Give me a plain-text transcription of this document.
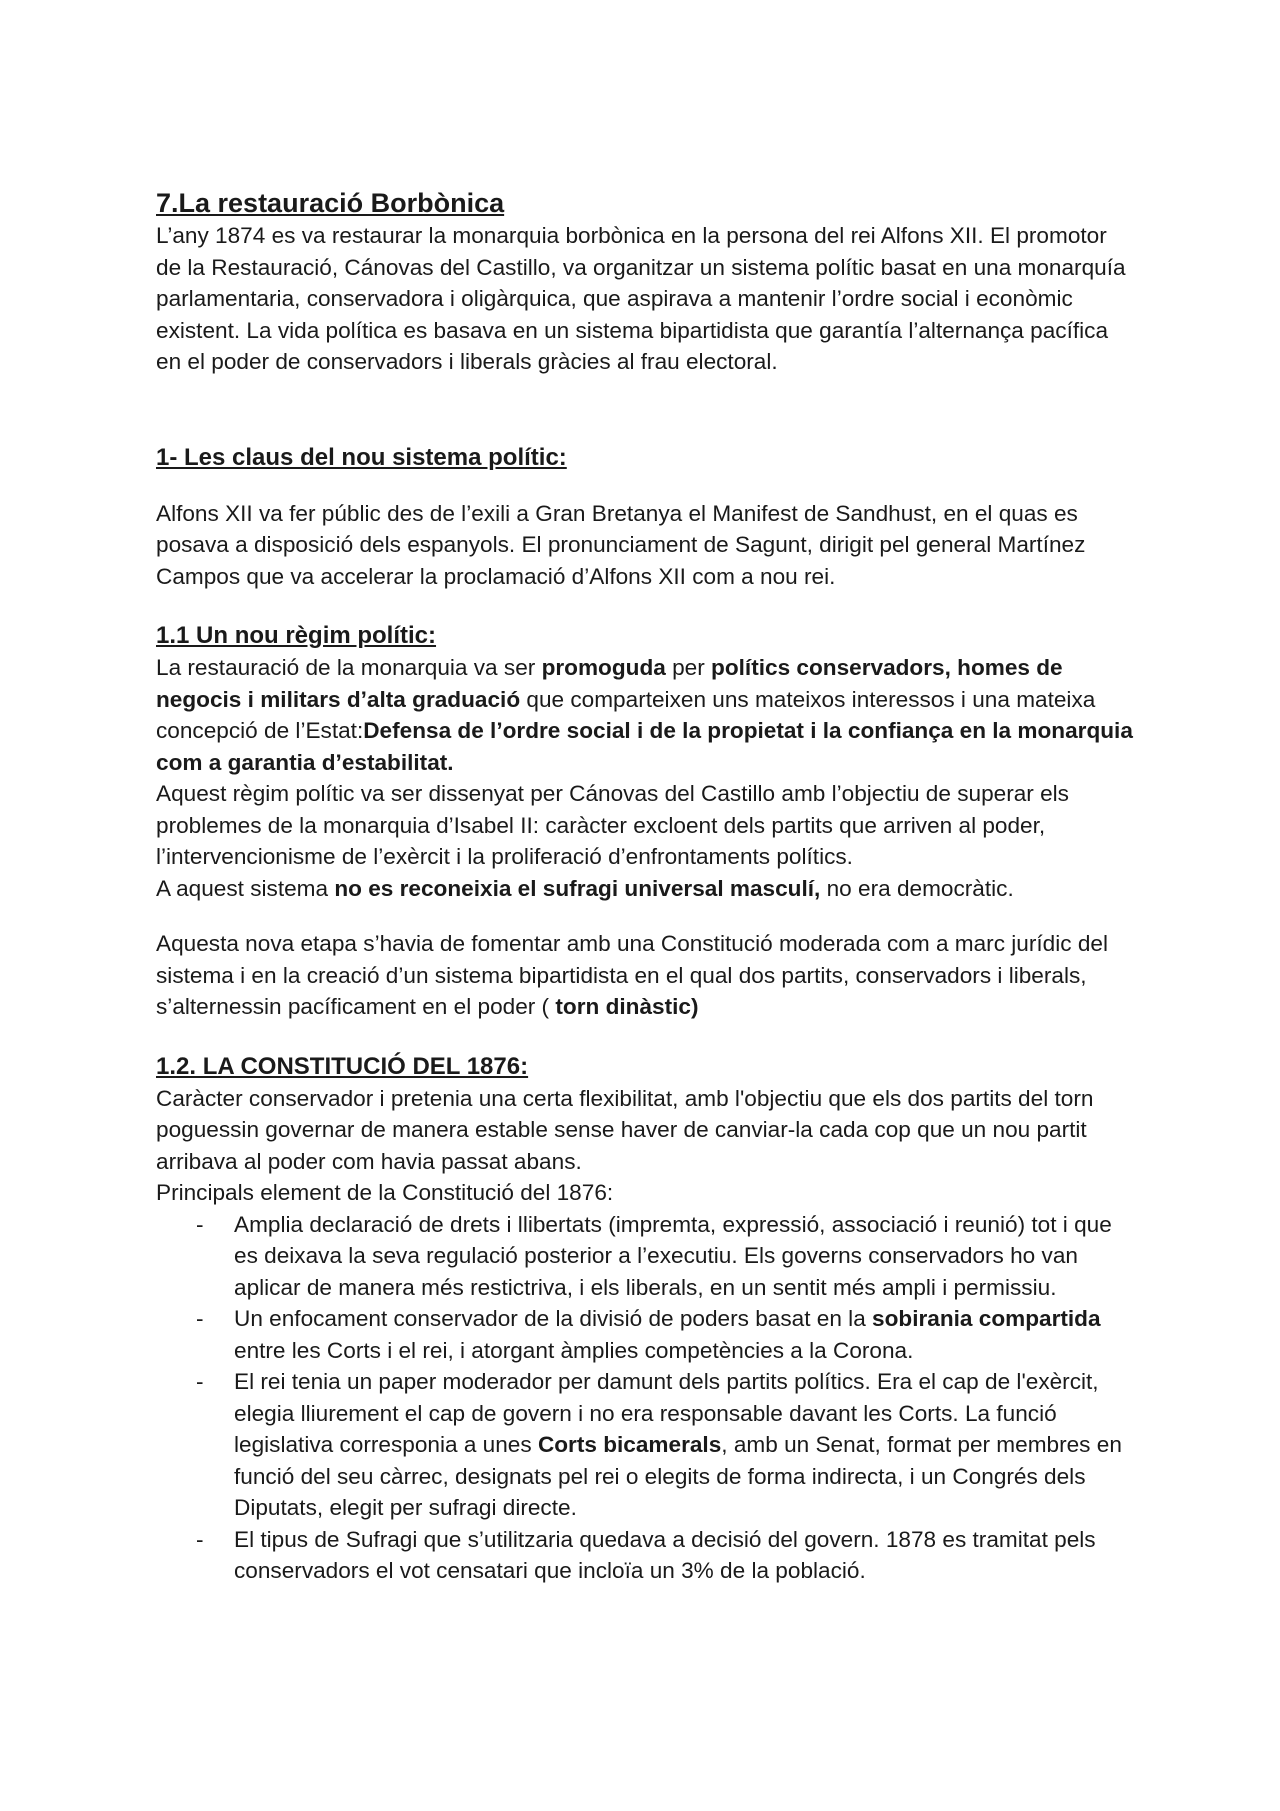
7.La restauració Borbònica

L’any 1874 es va restaurar la monarquia borbònica en la persona del rei Alfons XII. El promotor de la Restauració, Cánovas del Castillo, va organitzar un sistema polític basat en una monarquía parlamentaria, conservadora i oligàrquica, que aspirava a mantenir l’ordre social i econòmic existent. La vida política es basava en un sistema bipartidista que garantía l’alternança pacífica en el poder de conservadors i liberals gràcies al frau electoral.

1- Les claus del nou sistema polític:

Alfons XII va fer públic des de l’exili a Gran Bretanya el Manifest de Sandhust, en el quas es posava a disposició dels espanyols. El pronunciament de Sagunt, dirigit pel general Martínez Campos que va accelerar la proclamació d’Alfons XII com a nou rei.

1.1 Un nou règim polític:

La restauració de la monarquia va ser promoguda per polítics conservadors, homes de negocis i militars d’alta graduació que comparteixen uns mateixos interessos i una mateixa concepció de l’Estat:Defensa de l’ordre social i de la propietat i la confiança en la monarquia com a garantia d’estabilitat.

Aquest règim polític va ser dissenyat per Cánovas del Castillo amb l’objectiu de superar els problemes de la monarquia d’Isabel II: caràcter excloent dels partits que arriven al poder, l’intervencionisme de l’exèrcit i la proliferació d’enfrontaments polítics.

A aquest sistema no es reconeixia el sufragi universal masculí, no era democràtic.

Aquesta nova etapa s’havia de fomentar amb una Constitució moderada com a marc jurídic del sistema i en la creació d’un sistema bipartidista en el qual dos partits, conservadors i liberals, s’alternessin pacíficament en el poder ( torn dinàstic)

1.2. LA CONSTITUCIÓ DEL 1876:

Caràcter conservador i pretenia una certa flexibilitat, amb l'objectiu que els dos partits del torn poguessin governar de manera estable sense haver de canviar-la cada cop que un nou partit arribava al poder com havia passat abans.

Principals element de la Constitució del 1876:

- Amplia declaració de drets i llibertats (impremta, expressió, associació i reunió) tot i que es deixava la seva regulació posterior a l’executiu. Els governs conservadors ho van aplicar de manera més restictriva, i els liberals, en un sentit més ampli i permissiu.
- Un enfocament conservador de la divisió de poders basat en la sobirania compartida entre les Corts i el rei, i atorgant àmplies competències a la Corona.
- El rei tenia un paper moderador per damunt dels partits polítics. Era el cap de l'exèrcit, elegia lliurement el cap de govern i no era responsable davant les Corts. La funció legislativa corresponia a unes Corts bicamerals, amb un Senat, format per membres en funció del seu càrrec, designats pel rei o elegits de forma indirecta, i un Congrés dels Diputats, elegit per sufragi directe.
- El tipus de Sufragi que s’utilitzaria quedava a decisió del govern. 1878 es tramitat pels conservadors el vot censatari que incloïa un 3% de la població.
